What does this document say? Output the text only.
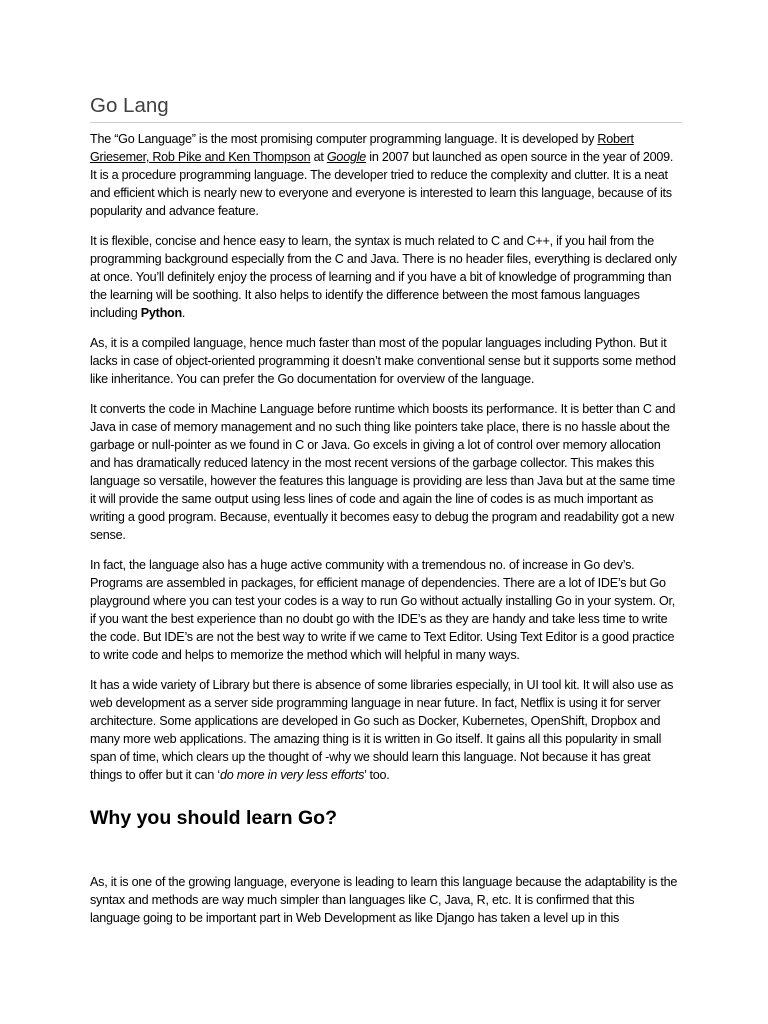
Go Lang

The “Go Language” is the most promising computer programming language. It is developed by Robert Griesemer, Rob Pike and Ken Thompson at Google in 2007 but launched as open source in the year of 2009. It is a procedure programming language. The developer tried to reduce the complexity and clutter. It is a neat and efficient which is nearly new to everyone and everyone is interested to learn this language, because of its popularity and advance feature.

It is flexible, concise and hence easy to learn, the syntax is much related to C and C++, if you hail from the programming background especially from the C and Java. There is no header files, everything is declared only at once. You’ll definitely enjoy the process of learning and if you have a bit of knowledge of programming than the learning will be soothing. It also helps to identify the difference between the most famous languages including Python.

As, it is a compiled language, hence much faster than most of the popular languages including Python. But it lacks in case of object-oriented programming it doesn’t make conventional sense but it supports some method like inheritance. You can prefer the Go documentation for overview of the language.

It converts the code in Machine Language before runtime which boosts its performance. It is better than C and Java in case of memory management and no such thing like pointers take place, there is no hassle about the garbage or null-pointer as we found in C or Java. Go excels in giving a lot of control over memory allocation and has dramatically reduced latency in the most recent versions of the garbage collector. This makes this language so versatile, however the features this language is providing are less than Java but at the same time it will provide the same output using less lines of code and again the line of codes is as much important as writing a good program. Because, eventually it becomes easy to debug the program and readability got a new sense.

In fact, the language also has a huge active community with a tremendous no. of increase in Go dev’s. Programs are assembled in packages, for efficient manage of dependencies. There are a lot of IDE’s but Go playground where you can test your codes is a way to run Go without actually installing Go in your system. Or, if you want the best experience than no doubt go with the IDE’s as they are handy and take less time to write the code. But IDE’s are not the best way to write if we came to Text Editor. Using Text Editor is a good practice to write code and helps to memorize the method which will helpful in many ways.

It has a wide variety of Library but there is absence of some libraries especially, in UI tool kit. It will also use as web development as a server side programming language in near future. In fact, Netflix is using it for server architecture. Some applications are developed in Go such as Docker, Kubernetes, OpenShift, Dropbox and many more web applications. The amazing thing is it is written in Go itself. It gains all this popularity in small span of time, which clears up the thought of -why we should learn this language. Not because it has great things to offer but it can ‘do more in very less efforts’ too.

Why you should learn Go?

As, it is one of the growing language, everyone is leading to learn this language because the adaptability is the syntax and methods are way much simpler than languages like C, Java, R, etc. It is confirmed that this language going to be important part in Web Development as like Django has taken a level up in this
